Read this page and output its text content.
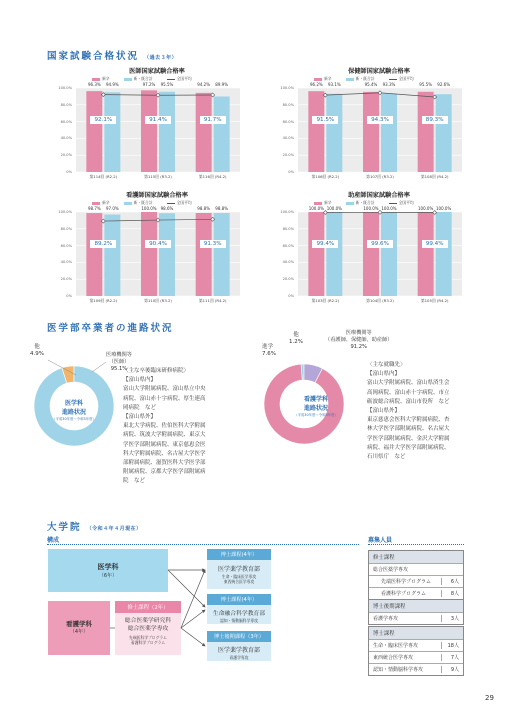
国家試験合格状況 （過去３年）
医師国家試験合格率
新卒	新・既合計	全国平均
100.0%
80.0%
60.0%
40.0%
20.0%
0%
第114回 (R2.2)
96.3%	94.9%
92.1%
第115回 (R3.2)
97.2%	95.5%
91.4%
第116回 (R4.2)
94.2%	89.9%
91.7%
保健師国家試験合格率
新卒	新・既合計	全国平均
100.0%
80.0%
60.0%
40.0%
20.0%
0%
第106回 (R2.2)
96.2%	93.1%
91.5%
第107回 (R3.2)
95.4%	93.3%
94.3%
第108回 (R4.2)
95.5%	92.6%
89.3%
看護師国家試験合格率
新卒	新・既合計	全国平均
100.0%
80.0%
60.0%
40.0%
20.0%
0%
第109回 (R2.2)
98.7%	97.0%
89.2%
第110回 (R3.2)
100.0%	98.6%
90.4%
第111回 (R4.2)
98.8%	98.8%
91.3%
助産師国家試験合格率
新卒	新・既合計	全国平均
100.0%
80.0%
60.0%
40.0%
20.0%
0%
第103回 (R2.2)
100.0% 100.0%
99.4%
第104回 (R3.2)
100.0% 100.0%
99.6%
第105回 (R4.2)
100.0% 100.0%
99.4%
医学部卒業者の進路状況
他
4.9%	医療機関等
（医師）
95.1%
医学科
進路状況
（平成30年度～令和3年度）
〈主な卒後臨床研修病院〉
【富山県内】
富山大学附属病院、富山県立中央
病院、富山赤十字病院、厚生連高
岡病院　など
【富山県外】
東北大学病院、佐伯医科大学附属
病院、筑波大学附属病院、東京大
学医学部附属病院、東京慈恵会医
科大学附属病院、名古屋大学医学
部附属病院、滋賀医科大学医学部
附属病院、京都大学医学部附属病
院　など
他
1.2%
進学
7.6%
医療機関等
（看護師、保健師、助産師）
91.2%
看護学科
進路状況
（平成30年度～令和3年度）
〈主な就職先〉
【富山県内】
富山大学附属病院、富山県済生会
高岡病院、富山赤十字病院、市立
砺波総合病院、富山市役所　など
【富山県外】
東京慈恵会医科大学附属病院、杏
林大学医学部附属病院、名古屋大
学医学部附属病院、金沢大学附属
病院、福井大学医学部附属病院、
石川県庁　など
大学院 （令和４年４月現在）
構成	募集人員
医学科
（6年）
看護学科
（4年）
修士課程（2年）
総合医薬学研究科
総合医薬学専攻
先端医科学プログラム
看護科学プログラム
博士課程(4年）
医学薬学教育部
生命・臨床医学専攻
東西統合医学専攻
博士課程(4年）
生命融合科学教育部
認知・情動脳科学専攻
博士後期課程（3年）
医学薬学教育部
看護学専攻
修士課程
総合医薬学専攻
先端医科学プログラム	6人
看護科学プログラム	8人
博士後期課程
看護学専攻	3人
博士課程
生命・臨床医学専攻	18人
東西統合医学専攻	7人
認知・情動脳科学専攻	9人
29
